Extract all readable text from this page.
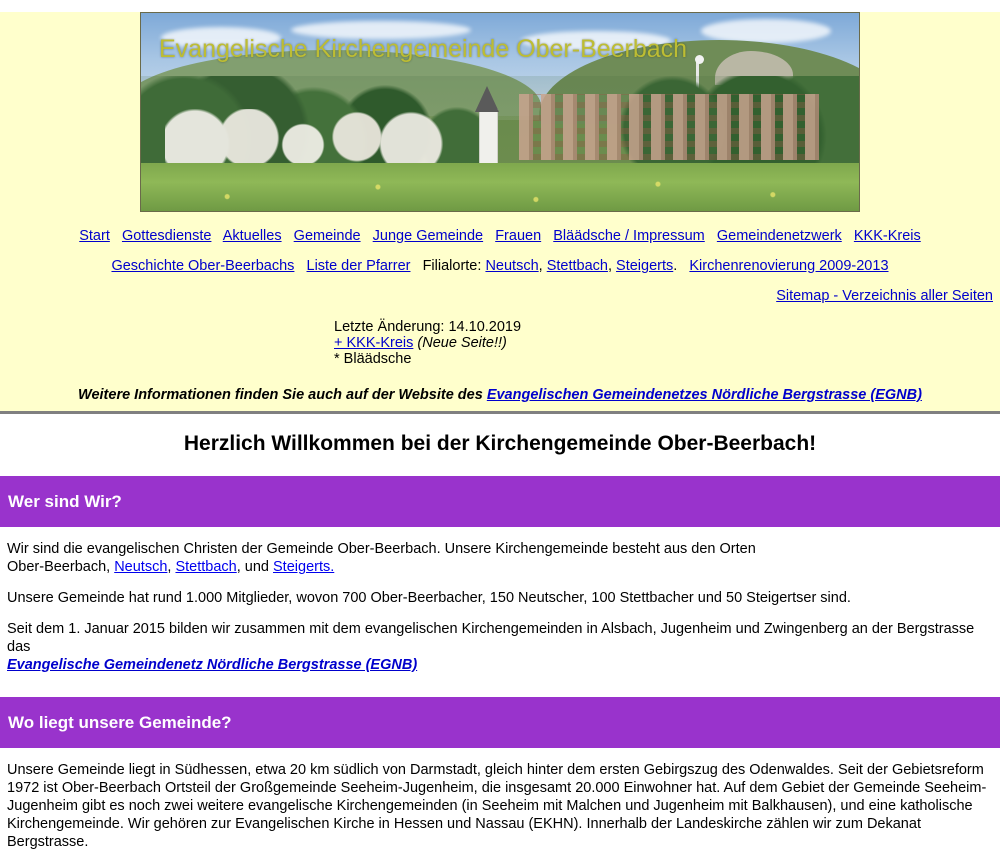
Evangelische Kirchengemeinde Ober-Beerbach
Start Gottesdienste Aktuelles Gemeinde Junge Gemeinde Frauen Bläädsche / Impressum Gemeindenetzwerk KKK-Kreis
Geschichte Ober-Beerbachs Liste der Pfarrer Filialorte: Neutsch, Stettbach, Steigerts. Kirchenrenovierung 2009-2013
Sitemap - Verzeichnis aller Seiten
Letzte Änderung: 14.10.2019
+ KKK-Kreis (Neue Seite!!)
* Bläädsche
Weitere Informationen finden Sie auch auf der Website des Evangelischen Gemeindenetzes Nördliche Bergstrasse (EGNB)
Herzlich Willkommen bei der Kirchengemeinde Ober-Beerbach!
Wer sind Wir?

Wir sind die evangelischen Christen der Gemeinde Ober-Beerbach. Unsere Kirchengemeinde besteht aus den Orten
Ober-Beerbach, Neutsch, Stettbach, und Steigerts.

Unsere Gemeinde hat rund 1.000 Mitglieder, wovon 700 Ober-Beerbacher, 150 Neutscher, 100 Stettbacher und 50 Steigertser sind.

Seit dem 1. Januar 2015 bilden wir zusammen mit dem evangelischen Kirchengemeinden in Alsbach, Jugenheim und Zwingenberg an der Bergstrasse das
Evangelische Gemeindenetz Nördliche Bergstrasse (EGNB)

Wo liegt unsere Gemeinde?

Unsere Gemeinde liegt in Südhessen, etwa 20 km südlich von Darmstadt, gleich hinter dem ersten Gebirgszug des Odenwaldes. Seit der Gebietsreform 1972 ist Ober-Beerbach Ortsteil der Großgemeinde Seeheim-Jugenheim, die insgesamt 20.000 Einwohner hat. Auf dem Gebiet der Gemeinde Seeheim-Jugenheim gibt es noch zwei weitere evangelische Kirchengemeinden (in Seeheim mit Malchen und Jugenheim mit Balkhausen), und eine katholische Kirchengemeinde. Wir gehören zur Evangelischen Kirche in Hessen und Nassau (EKHN). Innerhalb der Landeskirche zählen wir zum Dekanat Bergstrasse.
